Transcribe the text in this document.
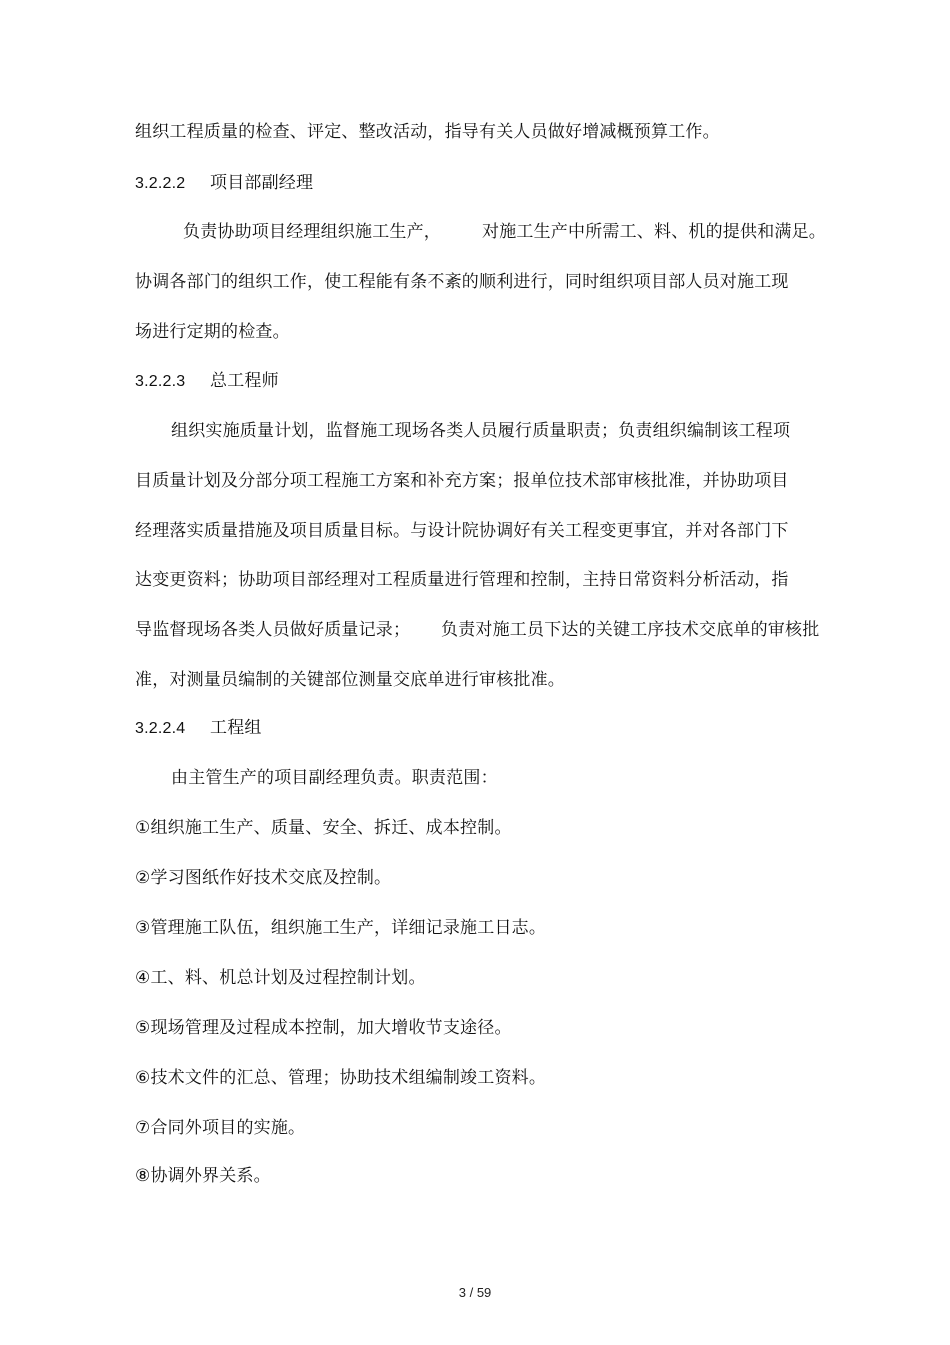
组织工程质量的检查、评定、整改活动，指导有关人员做好增减概预算工作。
3.2.2.2 项目部副经理
负责协助项目经理组织施工生产， 对施工生产中所需工、料、机的提供和满足。
协调各部门的组织工作，使工程能有条不紊的顺利进行，同时组织项目部人员对施工现
场进行定期的检查。
3.2.2.3 总工程师
组织实施质量计划，监督施工现场各类人员履行质量职责；负责组织编制该工程项
目质量计划及分部分项工程施工方案和补充方案；报单位技术部审核批准，并协助项目
经理落实质量措施及项目质量目标。与设计院协调好有关工程变更事宜，并对各部门下
达变更资料；协助项目部经理对工程质量进行管理和控制，主持日常资料分析活动，指
导监督现场各类人员做好质量记录； 负责对施工员下达的关键工序技术交底单的审核批
准，对测量员编制的关键部位测量交底单进行审核批准。
3.2.2.4 工程组
由主管生产的项目副经理负责。职责范围：
①组织施工生产、质量、安全、拆迁、成本控制。
②学习图纸作好技术交底及控制。
③管理施工队伍，组织施工生产，详细记录施工日志。
④工、料、机总计划及过程控制计划。
⑤现场管理及过程成本控制，加大增收节支途径。
⑥技术文件的汇总、管理；协助技术组编制竣工资料。
⑦合同外项目的实施。
⑧协调外界关系。
3 / 59
